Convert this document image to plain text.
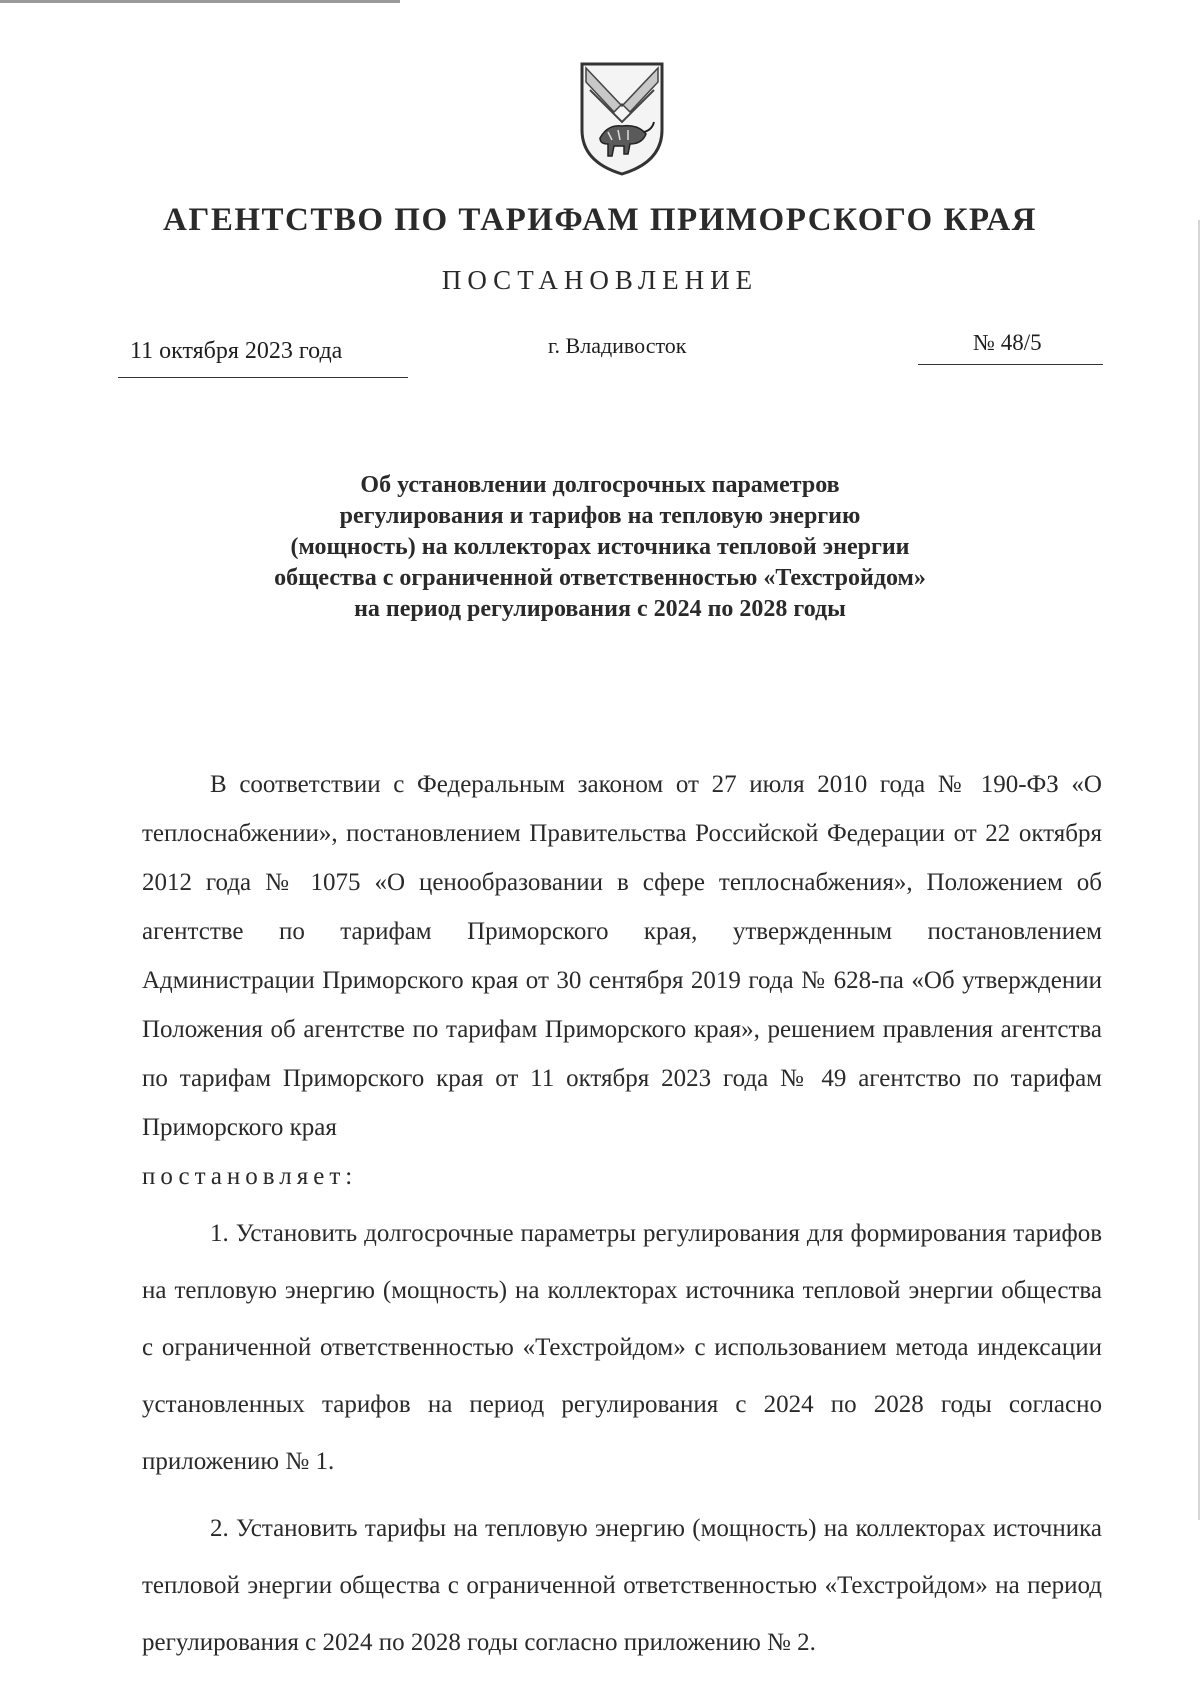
АГЕНТСТВО ПО ТАРИФАМ ПРИМОРСКОГО КРАЯ
ПОСТАНОВЛЕНИЕ
11 октября 2023 года	г. Владивосток	№ 48/5
Об установлении долгосрочных параметров
регулирования и тарифов на тепловую энергию
(мощность) на коллекторах источника тепловой энергии
общества с ограниченной ответственностью «Техстройдом»
на период регулирования с 2024 по 2028 годы

В соответствии с Федеральным законом от 27 июля 2010 года № 190-ФЗ «О теплоснабжении», постановлением Правительства Российской Федерации от 22 октября 2012 года № 1075 «О ценообразовании в сфере теплоснабжения», Положением об агентстве по тарифам Приморского края, утвержденным постановлением Администрации Приморского края от 30 сентября 2019 года № 628-па «Об утверждении Положения об агентстве по тарифам Приморского края», решением правления агентства по тарифам Приморского края от 11 октября 2023 года № 49 агентство по тарифам Приморского края

постановляет:

1. Установить долгосрочные параметры регулирования для формирования тарифов на тепловую энергию (мощность) на коллекторах источника тепловой энергии общества с ограниченной ответственностью «Техстройдом» с использованием метода индексации установленных тарифов на период регулирования с 2024 по 2028 годы согласно приложению № 1.

2. Установить тарифы на тепловую энергию (мощность) на коллекторах источника тепловой энергии общества с ограниченной ответственностью «Техстройдом» на период регулирования с 2024 по 2028 годы согласно приложению № 2.
